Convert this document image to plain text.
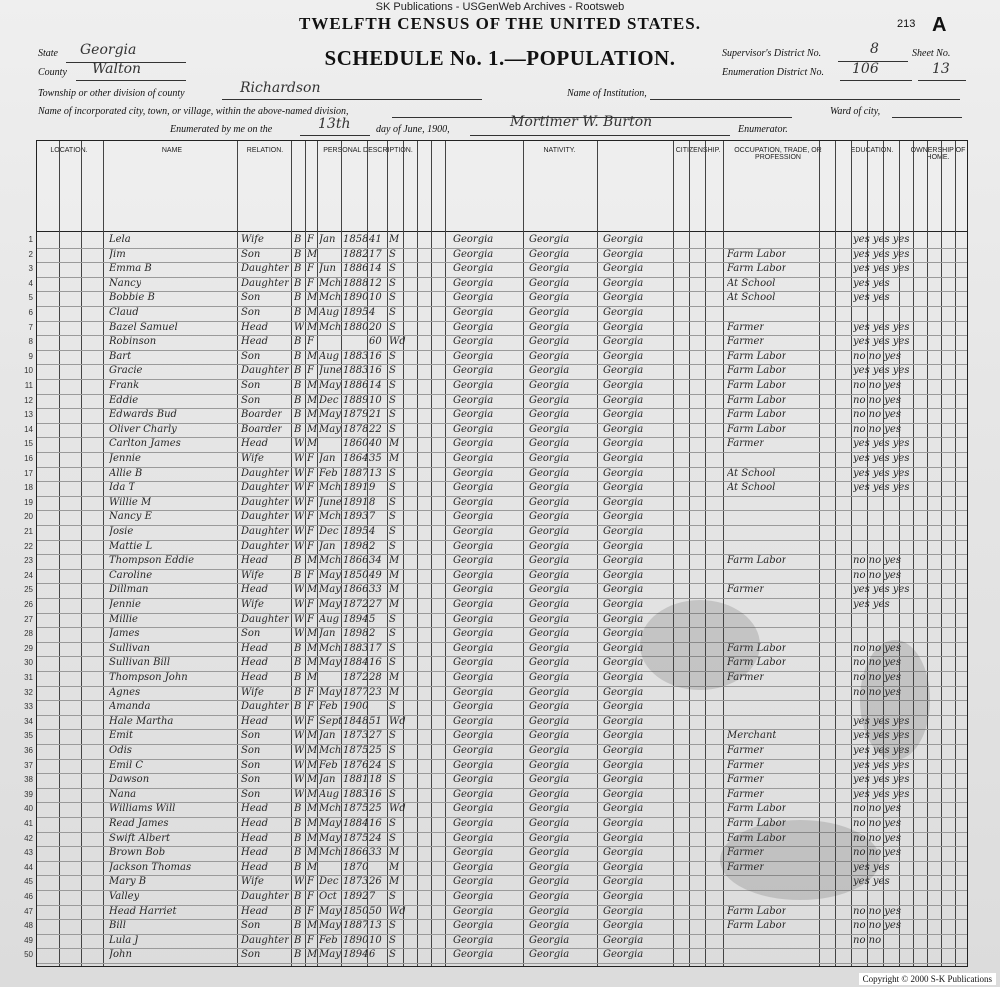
SK Publications - USGenWeb Archives - Rootsweb
TWELFTH CENSUS OF THE UNITED STATES.	213 A
SCHEDULE No. 1.—POPULATION.
State Georgia
County Walton
Township or other division of county	Richardson	Name of Institution,
Name of incorporated city, town, or village, within the above-named division,	Ward of city,
Enumerated by me on the	13th	day of June, 1900,	Mortimer W. Burton	Enumerator.
Supervisor's District No.	8	Sheet No.
Enumeration District No. 106	13
LOCATION.	NAME	RELATION.	PERSONAL DESCRIPTION.	NATIVITY.	CITIZENSHIP.	OCCUPATION, TRADE, OR PROFESSION
EDUCATION.	OWNERSHIP OF HOME.
1	Lela	Wife	B F Jan 1858 41 M	Georgia	Georgia	Georgia	yes yes yes
2	Jim	Son	B M	1882 17 S	Georgia	Georgia	Georgia	Farm Labor	yes yes yes
3	Emma B	Daughter B F Jun 1886 14 S	Georgia	Georgia	Georgia	Farm Labor	yes yes yes
4	Nancy	Daughter B F Mch 1888 12 S	Georgia	Georgia	Georgia	At School	yes yes
5	Bobbie B	Son	B M Mch 1890 10 S	Georgia	Georgia	Georgia	At School	yes yes
6	Claud	Son	B M Aug 1895 4 S	Georgia	Georgia	Georgia
7	Bazel Samuel	Head	W M Mch 1880 20 S	Georgia	Georgia	Georgia	Farmer	yes yes yes
8	Robinson	Head	B F	60 Wd	Georgia	Georgia	Georgia	Farmer	yes yes yes
9	Bart	Son	B M Aug 1883 16 S	Georgia	Georgia	Georgia	Farm Labor	no no yes
10	Gracie	Daughter B F June 1883 16 S	Georgia	Georgia	Georgia	Farm Labor	yes yes yes
11	Frank	Son	B M May 1886 14 S	Georgia	Georgia	Georgia	Farm Labor	no no yes
12	Eddie	Son	B M Dec 1889 10 S	Georgia	Georgia	Georgia	Farm Labor	no no yes
13	Edwards Bud	Boarder B M May 1879 21 S	Georgia	Georgia	Georgia	Farm Labor	no no yes
14	Oliver Charly	Boarder B M May 1878 22 S	Georgia	Georgia	Georgia	Farm Labor	no no yes
15	Carlton James	Head	W M	1860 40 M	Georgia	Georgia	Georgia	Farmer	yes yes yes
16	Jennie	Wife	W F Jan 1864 35 M	Georgia	Georgia	Georgia	yes yes yes
17	Allie B	Daughter W F Feb 1887 13 S	Georgia	Georgia	Georgia	At School	yes yes yes
18	Ida T	Daughter W F Mch 1891 9 S	Georgia	Georgia	Georgia	At School	yes yes yes
19	Willie M	Daughter W F June 1891 8 S	Georgia	Georgia	Georgia
20	Nancy E	Daughter W F Mch 1893 7 S	Georgia	Georgia	Georgia
21	Josie	Daughter W F Dec 1895 4 S	Georgia	Georgia	Georgia
22	Mattie L	Daughter W F Jan 1898 2 S	Georgia	Georgia	Georgia
23	Thompson Eddie	Head	B M Mch 1866 34 M	Georgia	Georgia	Georgia	Farm Labor	no no yes
24	Caroline	Wife	B F May 1850 49 M	Georgia	Georgia	Georgia	no no yes
25	Dillman	Head	W M May 1866 33 M	Georgia	Georgia	Georgia	Farmer	yes yes yes
26	Jennie	Wife	W F May 1872 27 M	Georgia	Georgia	Georgia	yes yes
27	Millie	Daughter W F Aug 1894 5 S	Georgia	Georgia	Georgia
28	James	Son	W M Jan 1898 2 S	Georgia	Georgia	Georgia
29	Sullivan	Head	B M Mch 1883 17 S	Georgia	Georgia	Georgia	Farm Labor	no no yes
30	Sullivan Bill	Head	B M May 1884 16 S	Georgia	Georgia	Georgia	Farm Labor	no no yes
31	Thompson John	Head	B M	1872 28 M	Georgia	Georgia	Georgia	Farmer	no no yes
32	Agnes	Wife	B F May 1877 23 M	Georgia	Georgia	Georgia	no no yes
33	Amanda	Daughter B F Feb 1900 S	Georgia	Georgia	Georgia
34	Hale Martha	Head	W F Sept 1848 51 Wd	Georgia	Georgia	Georgia	yes yes yes
35	Emit	Son	W M Jan 1873 27 S	Georgia	Georgia	Georgia	Merchant	yes yes yes
36	Odis	Son	W M Mch 1875 25 S	Georgia	Georgia	Georgia	Farmer	yes yes yes
37	Emil C	Son	W M Feb 1876 24 S	Georgia	Georgia	Georgia	Farmer	yes yes yes
38	Dawson	Son	W M Jan 1881 18 S	Georgia	Georgia	Georgia	Farmer	yes yes yes
39	Nana	Son	W M Aug 1883 16 S	Georgia	Georgia	Georgia	Farmer	yes yes yes
40	Williams Will	Head	B M Mch 1875 25 Wd	Georgia	Georgia	Georgia	Farm Labor	no no yes
41	Read James	Head	B M May 1884 16 S	Georgia	Georgia	Georgia	Farm Labor	no no yes
42	Swift Albert	Head	B M May 1875 24 S	Georgia	Georgia	Georgia	Farm Labor	no no yes
43	Brown Bob	Head	B M Mch 1866 33 M	Georgia	Georgia	Georgia	Farmer	no no yes
44	Jackson Thomas	Head	B M	1870 M	Georgia	Georgia	Georgia	Farmer	yes yes
45	Mary B	Wife	W F Dec 1873 26 M	Georgia	Georgia	Georgia	yes yes
46	Valley	Daughter B F Oct 1892 7 S	Georgia	Georgia	Georgia
47	Head Harriet	Head	B F May 1850 50 Wd	Georgia	Georgia	Georgia	Farm Labor	no no yes
48	Bill	Son	B M May 1887 13 S	Georgia	Georgia	Georgia	Farm Labor	no no yes
49	Lula J	Daughter B F Feb 1890 10 S	Georgia	Georgia	Georgia	no no
50	John	Son	B M May 1894 6 S	Georgia	Georgia	Georgia
Copyright © 2000 S-K Publications
